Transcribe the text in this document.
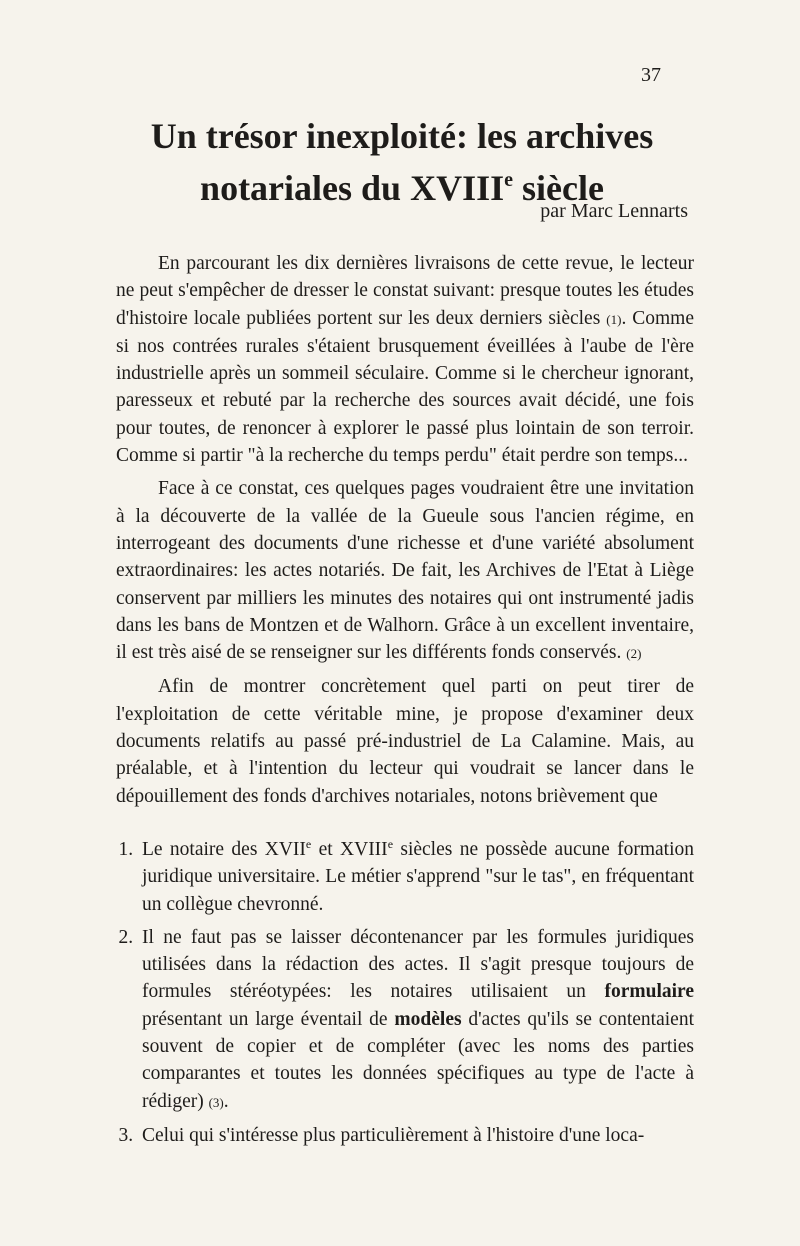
37
Un trésor inexploité: les archives
notariales du XVIIIe siècle
par Marc Lennarts

En parcourant les dix dernières livraisons de cette revue, le lecteur ne peut s'empêcher de dresser le constat suivant: presque toutes les études d'histoire locale publiées portent sur les deux derniers siècles (1). Comme si nos contrées rurales s'étaient brusquement éveillées à l'aube de l'ère industrielle après un sommeil séculaire. Comme si le chercheur ignorant, paresseux et rebuté par la recherche des sources avait décidé, une fois pour toutes, de renoncer à explorer le passé plus lointain de son terroir. Comme si partir "à la recherche du temps perdu" était perdre son temps...

Face à ce constat, ces quelques pages voudraient être une invitation à la découverte de la vallée de la Gueule sous l'ancien régime, en interrogeant des documents d'une richesse et d'une variété absolument extraordinaires: les actes notariés. De fait, les Archives de l'Etat à Liège conservent par milliers les minutes des notaires qui ont instrumenté jadis dans les bans de Montzen et de Walhorn. Grâce à un excellent inventaire, il est très aisé de se renseigner sur les différents fonds conservés. (2)

Afin de montrer concrètement quel parti on peut tirer de l'exploitation de cette véritable mine, je propose d'examiner deux documents relatifs au passé pré-industriel de La Calamine. Mais, au préalable, et à l'intention du lecteur qui voudrait se lancer dans le dépouillement des fonds d'archives notariales, notons brièvement que

1. Le notaire des XVIIe et XVIIIe siècles ne possède aucune formation juridique universitaire. Le métier s'apprend "sur le tas", en fréquentant un collègue chevronné.
2. Il ne faut pas se laisser décontenancer par les formules juridiques utilisées dans la rédaction des actes. Il s'agit presque toujours de formules stéréotypées: les notaires utilisaient un formulaire présentant un large éventail de modèles d'actes qu'ils se contentaient souvent de copier et de compléter (avec les noms des parties comparantes et toutes les données spécifiques au type de l'acte à rédiger) (3).
3. Celui qui s'intéresse plus particulièrement à l'histoire d'une loca-
